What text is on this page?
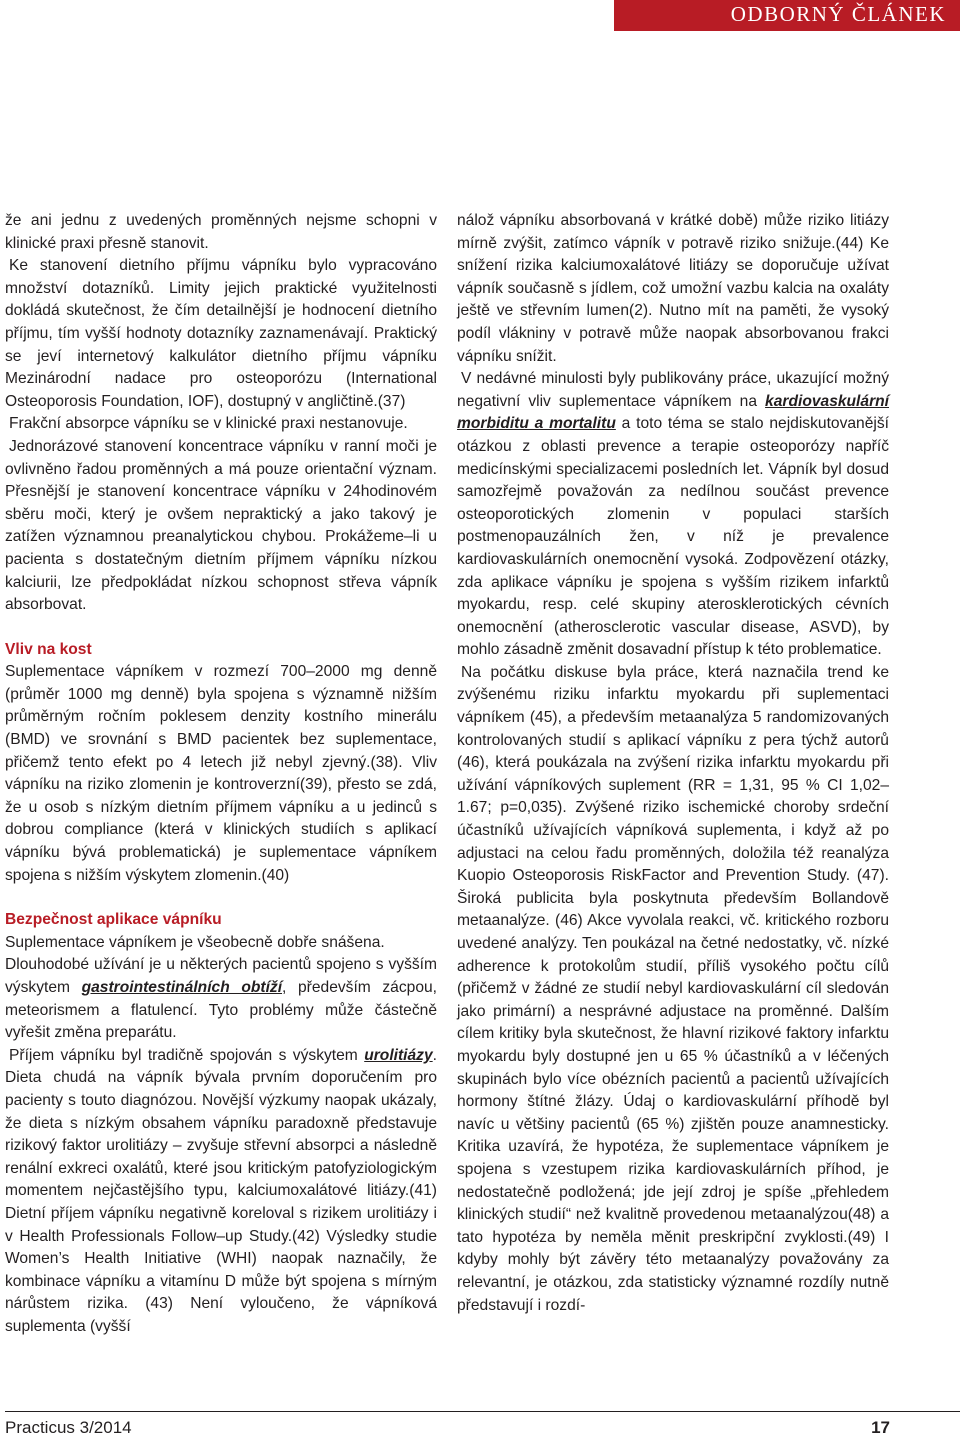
ODBORNÝ ČLÁNEK

že ani jednu z uvedených proměnných nejsme schopni v klinické praxi přesně stanovit.

Ke stanovení dietního příjmu vápníku bylo vypracováno množství dotazníků. Limity jejich praktické využitelnosti dokládá skutečnost, že čím detailnější je hodnocení dietního příjmu, tím vyšší hodnoty dotazníky zaznamenávají. Praktický se jeví internetový kalkulátor dietního příjmu vápníku Mezinárodní nadace pro osteoporózu (International Osteoporosis Foundation, IOF), dostupný v angličtině.(37)

Frakční absorpce vápníku se v klinické praxi nestanovuje.

Jednorázové stanovení koncentrace vápníku v ranní moči je ovlivněno řadou proměnných a má pouze orientační význam. Přesnější je stanovení koncentrace vápníku v 24hodinovém sběru moči, který je ovšem nepraktický a jako takový je zatížen významnou preanalytickou chybou. Prokážeme–li u pacienta s dostatečným dietním příjmem vápníku nízkou kalciurii, lze předpokládat nízkou schopnost střeva vápník absorbovat.

Vliv na kost

Suplementace vápníkem v rozmezí 700–2000 mg denně (průměr 1000 mg denně) byla spojena s významně nižším průměrným ročním poklesem denzity kostního minerálu (BMD) ve srovnání s BMD pacientek bez suplementace, přičemž tento efekt po 4 letech již nebyl zjevný.(38). Vliv vápníku na riziko zlomenin je kontroverzní(39), přesto se zdá, že u osob s nízkým dietním příjmem vápníku a u jedinců s dobrou compliance (která v klinických studiích s aplikací vápníku bývá problematická) je suplementace vápníkem spojena s nižším výskytem zlomenin.(40)

Bezpečnost aplikace vápníku

Suplementace vápníkem je všeobecně dobře snášena.

Dlouhodobé užívání je u některých pacientů spojeno s vyšším výskytem gastrointestinálních obtíží, především zácpou, meteorismem a flatulencí. Tyto problémy může částečně vyřešit změna preparátu.

Příjem vápníku byl tradičně spojován s výskytem urolitiázy. Dieta chudá na vápník bývala prvním doporučením pro pacienty s touto diagnózou. Novější výzkumy naopak ukázaly, že dieta s nízkým obsahem vápníku paradoxně představuje rizikový faktor urolitiázy – zvyšuje střevní absorpci a následně renální exkreci oxalátů, které jsou kritickým patofyziologickým momentem nejčastějšího typu, kalciumoxalátové litiázy.(41) Dietní příjem vápníku negativně koreloval s rizikem urolitiázy i v Health Professionals Follow–up Study.(42) Výsledky studie Women’s Health Initiative (WHI) naopak naznačily, že kombinace vápníku a vitamínu D může být spojena s mírným nárůstem rizika. (43) Není vyloučeno, že vápníková suplementa (vyšší

nálož vápníku absorbovaná v krátké době) může riziko litiázy mírně zvýšit, zatímco vápník v potravě riziko snižuje.(44) Ke snížení rizika kalciumoxalátové litiázy se doporučuje užívat vápník současně s jídlem, což umožní vazbu kalcia na oxaláty ještě ve střevním lumen(2). Nutno mít na paměti, že vysoký podíl vlákniny v potravě může naopak absorbovanou frakci vápníku snížit.

V nedávné minulosti byly publikovány práce, ukazující možný negativní vliv suplementace vápníkem na kardiovaskulární morbiditu a mortalitu a toto téma se stalo nejdiskutovanější otázkou z oblasti prevence a terapie osteoporózy napříč medicínskými specializacemi posledních let. Vápník byl dosud samozřejmě považován za nedílnou součást prevence osteoporotických zlomenin v populaci starších postmenopauzálních žen, v níž je prevalence kardiovaskulárních onemocnění vysoká. Zodpovězení otázky, zda aplikace vápníku je spojena s vyšším rizikem infarktů myokardu, resp. celé skupiny aterosklerotických cévních onemocnění (atherosclerotic vascular disease, ASVD), by mohlo zásadně změnit dosavadní přístup k této problematice.

Na počátku diskuse byla práce, která naznačila trend ke zvýšenému riziku infarktu myokardu při suplementaci vápníkem (45), a především metaanalýza 5 randomizovaných kontrolovaných studií s aplikací vápníku z pera týchž autorů (46), která poukázala na zvýšení rizika infarktu myokardu při užívání vápníkových suplement (RR = 1,31, 95 % CI 1,02–1.67; p=0,035). Zvýšené riziko ischemické choroby srdeční účastníků užívajících vápníková suplementa, i když až po adjustaci na celou řadu proměnných, doložila též reanalýza Kuopio Osteoporosis RiskFactor and Prevention Study. (47). Široká publicita byla poskytnuta především Bollandově metaanalýze. (46) Akce vyvolala reakci, vč. kritického rozboru uvedené analýzy. Ten poukázal na četné nedostatky, vč. nízké adherence k protokolům studií, příliš vysokého počtu cílů (přičemž v žádné ze studií nebyl kardiovaskulární cíl sledován jako primární) a nesprávné adjustace na proměnné. Dalším cílem kritiky byla skutečnost, že hlavní rizikové faktory infarktu myokardu byly dostupné jen u 65 % účastníků a v léčených skupinách bylo více obézních pacientů a pacientů užívajících hormony štítné žlázy. Údaj o kardiovaskulární příhodě byl navíc u většiny pacientů (65 %) zjištěn pouze anamnesticky. Kritika uzavírá, že hypotéza, že suplementace vápníkem je spojena s vzestupem rizika kardiovaskulárních příhod, je nedostatečně podložená; jde její zdroj je spíše „přehledem klinických studií“ než kvalitně provedenou metaanalýzou(48) a tato hypotéza by neměla měnit preskripční zvyklosti.(49) I kdyby mohly být závěry této metaanalýzy považovány za relevantní, je otázkou, zda statisticky významné rozdíly nutně představují i rozdí-

Practicus 3/2014	17
